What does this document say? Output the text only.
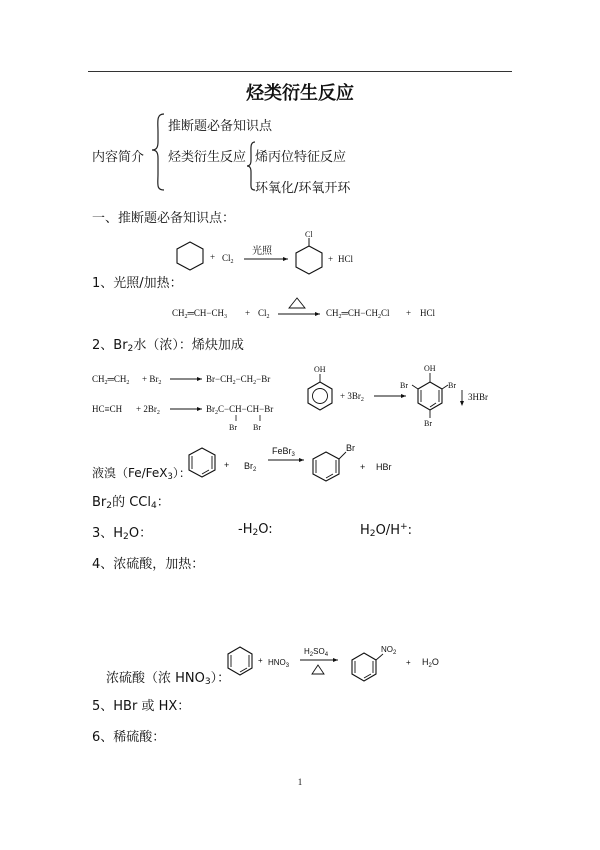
烃类衍生反应
内容简介
推断题必备知识点
烃类衍生反应 烯丙位特征反应
环氧化/环氧开环
一、推断题必备知识点：
+ $Cl_2$
光照
Cl
+ HCl
1、光照/加热：
$CH_2═CH-CH_3 + Cl_2$	$CH_2═CH-CH_2Cl$ + HCl
2、$Br_2$水（浓）：烯炔加成
$CH_2═CH_2 + Br_2$	$Br-CH_2-CH_2-Br$
$HC\equiv CH + 2Br_2$	$Br_2C-CH-CH-Br$
Br Br
OH
+ $3Br_2$
OH
Br	Br
Br
3HBr
+ $Br_2$
FeBr$_3$
Br
+ HBr
液溴（Fe/FeX$_3$）：
$Br_2$的 CCl$_4$：
3、$H_2O$：	$-H_2O$:	$H_2O/H^+$:
4、浓硫酸，加热：
+ $HNO_3$
$H_2SO_4$
$NO_2$
+ $H_2O$
浓硫酸（浓 $HNO_3$）：
5、HBr 或 HX：
6、稀硫酸：
1
